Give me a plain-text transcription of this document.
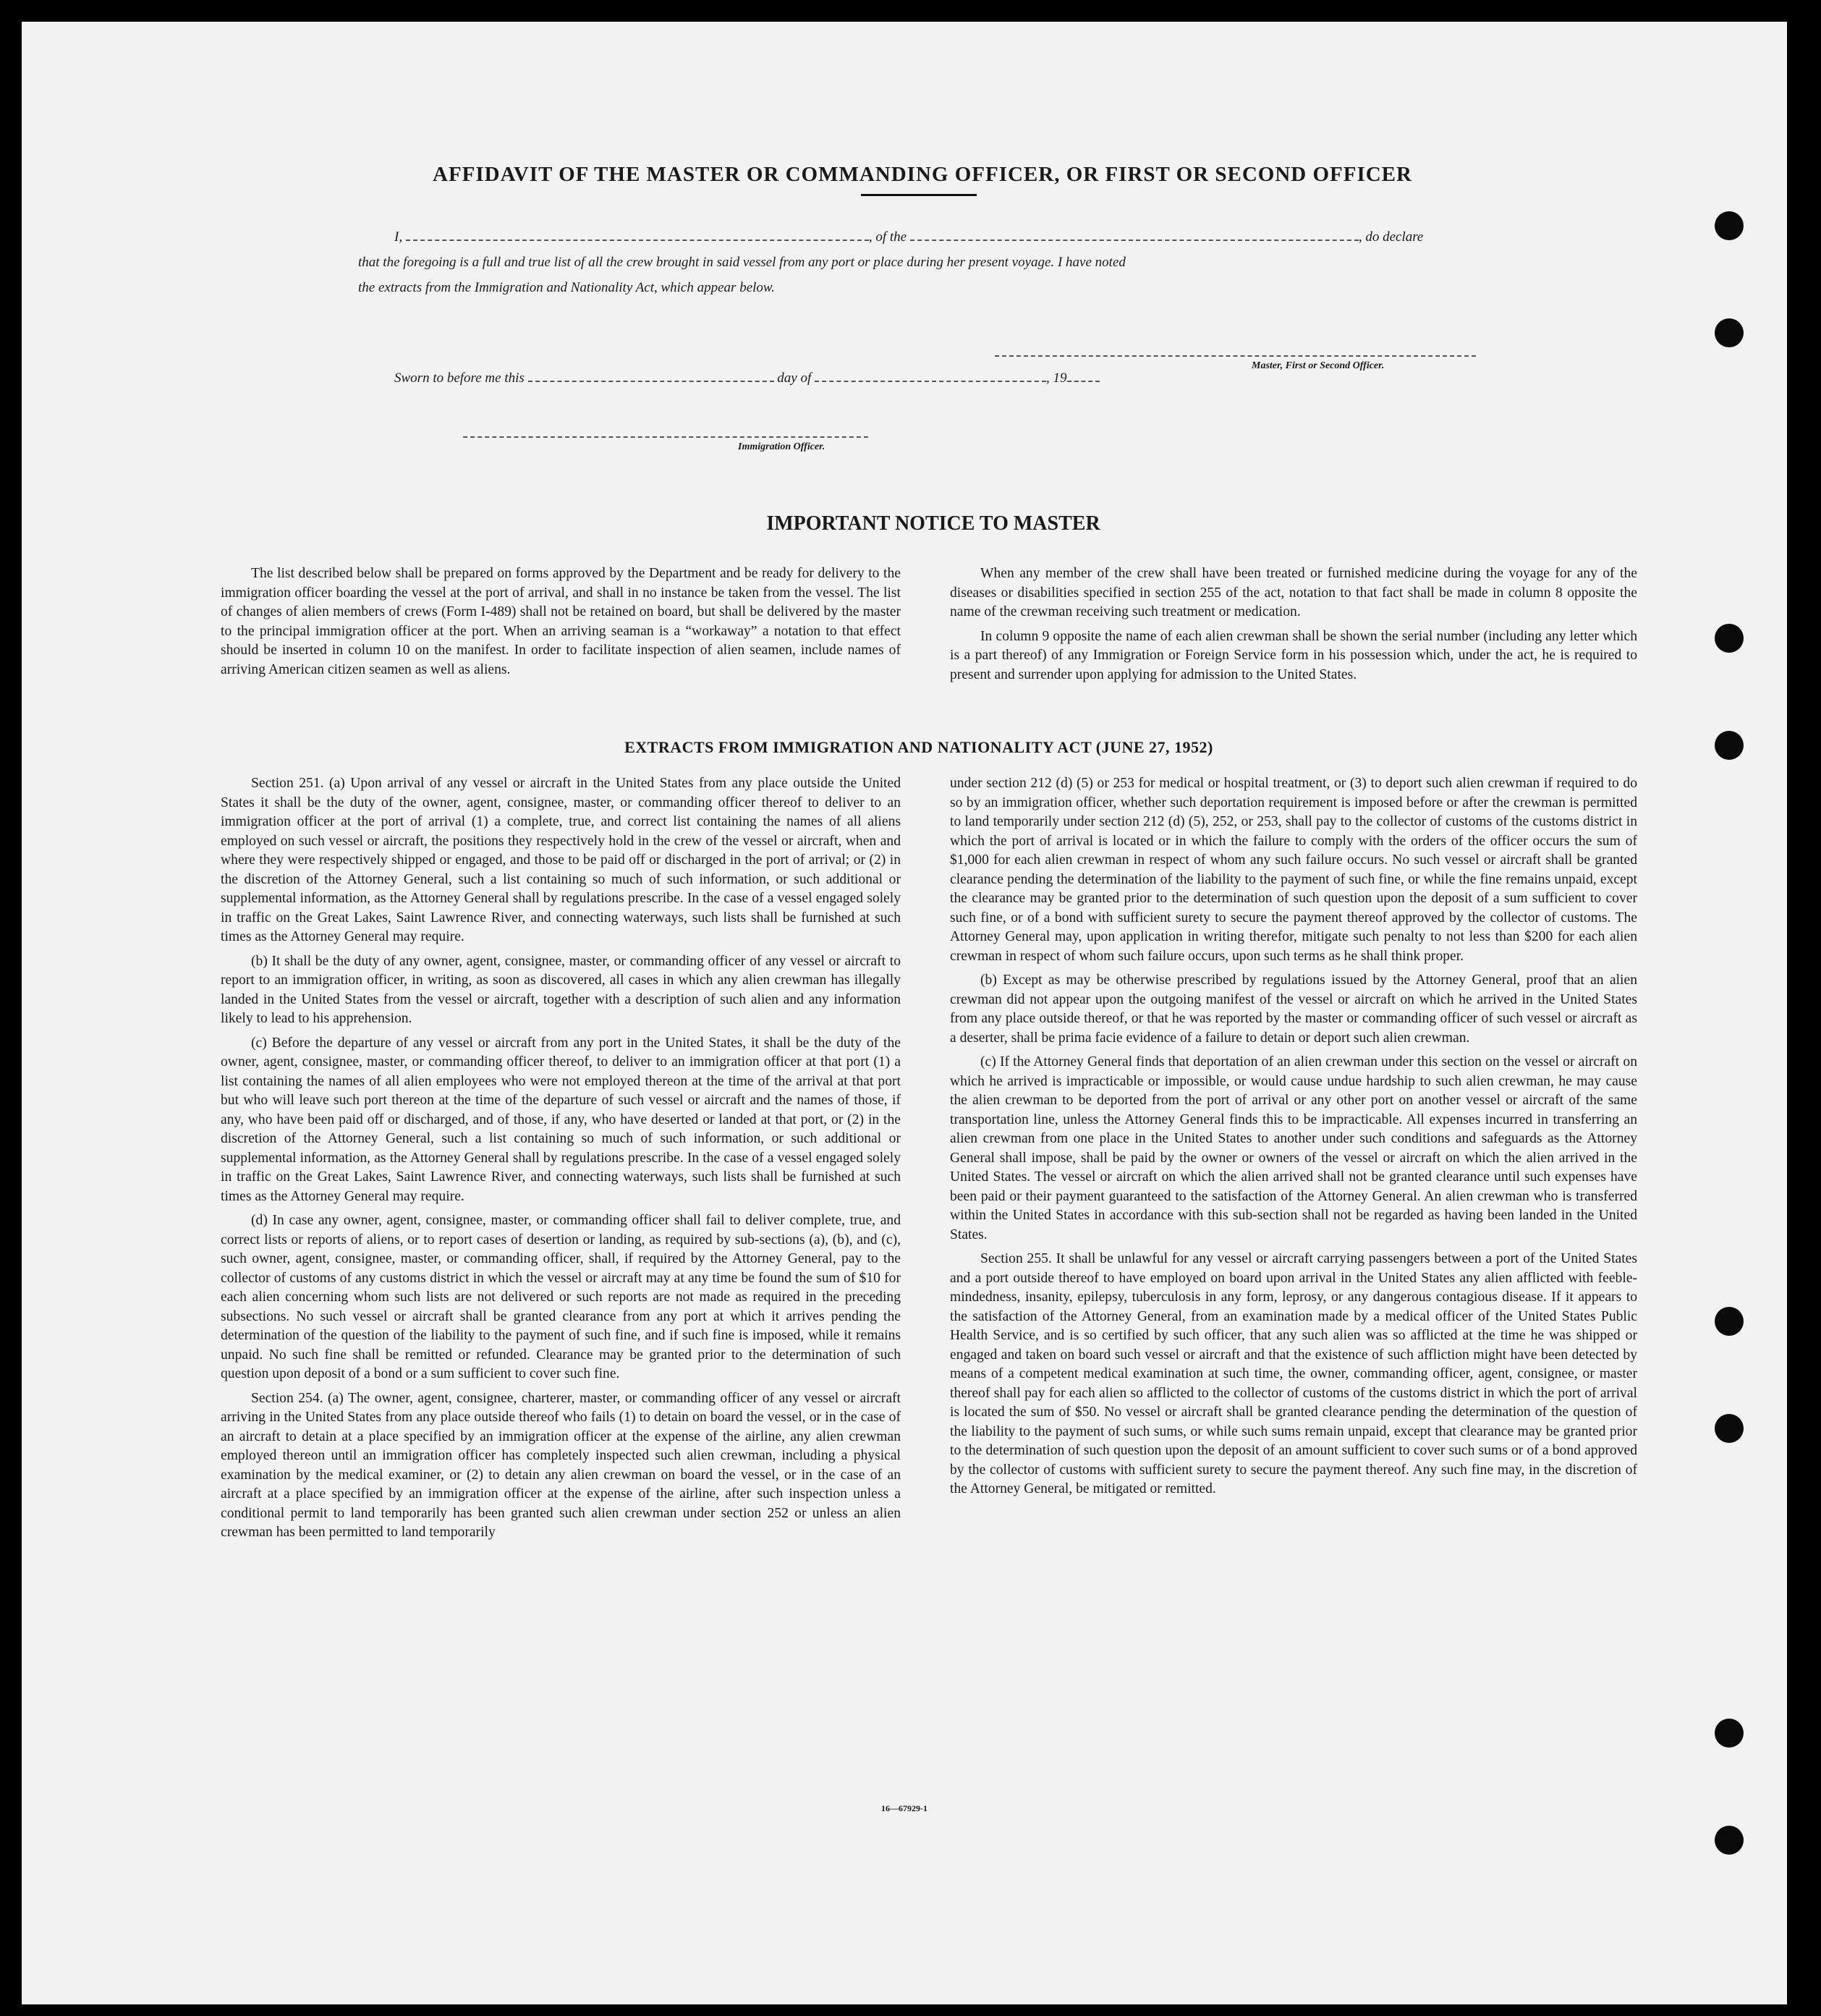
AFFIDAVIT OF THE MASTER OR COMMANDING OFFICER, OR FIRST OR SECOND OFFICER
I,	, of the	, do declare
that the foregoing is a full and true list of all the crew brought in said vessel from any port or place during her present voyage. I have noted
the extracts from the Immigration and Nationality Act, which appear below.
Master, First or Second Officer.
Sworn to before me this	day of	, 19
Immigration Officer.
IMPORTANT NOTICE TO MASTER

The list described below shall be prepared on forms approved by the Department and be ready for delivery to the immigration officer boarding the vessel at the port of arrival, and shall in no instance be taken from the vessel. The list of changes of alien members of crews (Form I-489) shall not be retained on board, but shall be delivered by the master to the principal immigration officer at the port. When an arriving seaman is a “workaway” a notation to that effect should be inserted in column 10 on the manifest. In order to facilitate inspection of alien seamen, include names of arriving American citizen seamen as well as aliens.

When any member of the crew shall have been treated or furnished medicine during the voyage for any of the diseases or disabilities specified in section 255 of the act, notation to that fact shall be made in column 8 opposite the name of the crewman receiving such treatment or medication.

In column 9 opposite the name of each alien crewman shall be shown the serial number (including any letter which is a part thereof) of any Immigration or Foreign Service form in his possession which, under the act, he is required to present and surrender upon applying for admission to the United States.

EXTRACTS FROM IMMIGRATION AND NATIONALITY ACT (JUNE 27, 1952)

Section 251. (a) Upon arrival of any vessel or aircraft in the United States from any place outside the United States it shall be the duty of the owner, agent, consignee, master, or commanding officer thereof to deliver to an immigration officer at the port of arrival (1) a complete, true, and correct list containing the names of all aliens employed on such vessel or aircraft, the positions they respectively hold in the crew of the vessel or aircraft, when and where they were respectively shipped or engaged, and those to be paid off or discharged in the port of arrival; or (2) in the discretion of the Attorney General, such a list containing so much of such information, or such additional or supplemental information, as the Attorney General shall by regulations prescribe. In the case of a vessel engaged solely in traffic on the Great Lakes, Saint Lawrence River, and connecting waterways, such lists shall be furnished at such times as the Attorney General may require.

(b) It shall be the duty of any owner, agent, consignee, master, or commanding officer of any vessel or aircraft to report to an immigration officer, in writing, as soon as discovered, all cases in which any alien crewman has illegally landed in the United States from the vessel or aircraft, together with a description of such alien and any information likely to lead to his apprehension.

(c) Before the departure of any vessel or aircraft from any port in the United States, it shall be the duty of the owner, agent, consignee, master, or commanding officer thereof, to deliver to an immigration officer at that port (1) a list containing the names of all alien employees who were not employed thereon at the time of the arrival at that port but who will leave such port thereon at the time of the departure of such vessel or aircraft and the names of those, if any, who have been paid off or discharged, and of those, if any, who have deserted or landed at that port, or (2) in the discretion of the Attorney General, such a list containing so much of such information, or such additional or supplemental information, as the Attorney General shall by regulations prescribe. In the case of a vessel engaged solely in traffic on the Great Lakes, Saint Lawrence River, and connecting waterways, such lists shall be furnished at such times as the Attorney General may require.

(d) In case any owner, agent, consignee, master, or commanding officer shall fail to deliver complete, true, and correct lists or reports of aliens, or to report cases of desertion or landing, as required by sub-sections (a), (b), and (c), such owner, agent, consignee, master, or commanding officer, shall, if required by the Attorney General, pay to the collector of customs of any customs district in which the vessel or aircraft may at any time be found the sum of $10 for each alien concerning whom such lists are not delivered or such reports are not made as required in the preceding subsections. No such vessel or aircraft shall be granted clearance from any port at which it arrives pending the determination of the question of the liability to the payment of such fine, and if such fine is imposed, while it remains unpaid. No such fine shall be remitted or refunded. Clearance may be granted prior to the determination of such question upon deposit of a bond or a sum sufficient to cover such fine.

Section 254. (a) The owner, agent, consignee, charterer, master, or commanding officer of any vessel or aircraft arriving in the United States from any place outside thereof who fails (1) to detain on board the vessel, or in the case of an aircraft to detain at a place specified by an immigration officer at the expense of the airline, any alien crewman employed thereon until an immigration officer has completely inspected such alien crewman, including a physical examination by the medical examiner, or (2) to detain any alien crewman on board the vessel, or in the case of an aircraft at a place specified by an immigration officer at the expense of the airline, after such inspection unless a conditional permit to land temporarily has been granted such alien crewman under section 252 or unless an alien crewman has been permitted to land temporarily

under section 212 (d) (5) or 253 for medical or hospital treatment, or (3) to deport such alien crewman if required to do so by an immigration officer, whether such deportation requirement is imposed before or after the crewman is permitted to land temporarily under section 212 (d) (5), 252, or 253, shall pay to the collector of customs of the customs district in which the port of arrival is located or in which the failure to comply with the orders of the officer occurs the sum of $1,000 for each alien crewman in respect of whom any such failure occurs. No such vessel or aircraft shall be granted clearance pending the determination of the liability to the payment of such fine, or while the fine remains unpaid, except the clearance may be granted prior to the determination of such question upon the deposit of a sum sufficient to cover such fine, or of a bond with sufficient surety to secure the payment thereof approved by the collector of customs. The Attorney General may, upon application in writing therefor, mitigate such penalty to not less than $200 for each alien crewman in respect of whom such failure occurs, upon such terms as he shall think proper.

(b) Except as may be otherwise prescribed by regulations issued by the Attorney General, proof that an alien crewman did not appear upon the outgoing manifest of the vessel or aircraft on which he arrived in the United States from any place outside thereof, or that he was reported by the master or commanding officer of such vessel or aircraft as a deserter, shall be prima facie evidence of a failure to detain or deport such alien crewman.

(c) If the Attorney General finds that deportation of an alien crewman under this section on the vessel or aircraft on which he arrived is impracticable or impossible, or would cause undue hardship to such alien crewman, he may cause the alien crewman to be deported from the port of arrival or any other port on another vessel or aircraft of the same transportation line, unless the Attorney General finds this to be impracticable. All expenses incurred in transferring an alien crewman from one place in the United States to another under such conditions and safeguards as the Attorney General shall impose, shall be paid by the owner or owners of the vessel or aircraft on which the alien arrived in the United States. The vessel or aircraft on which the alien arrived shall not be granted clearance until such expenses have been paid or their payment guaranteed to the satisfaction of the Attorney General. An alien crewman who is transferred within the United States in accordance with this sub-section shall not be regarded as having been landed in the United States.

Section 255. It shall be unlawful for any vessel or aircraft carrying passengers between a port of the United States and a port outside thereof to have employed on board upon arrival in the United States any alien afflicted with feeble-mindedness, insanity, epilepsy, tuberculosis in any form, leprosy, or any dangerous contagious disease. If it appears to the satisfaction of the Attorney General, from an examination made by a medical officer of the United States Public Health Service, and is so certified by such officer, that any such alien was so afflicted at the time he was shipped or engaged and taken on board such vessel or aircraft and that the existence of such affliction might have been detected by means of a competent medical examination at such time, the owner, commanding officer, agent, consignee, or master thereof shall pay for each alien so afflicted to the collector of customs of the customs district in which the port of arrival is located the sum of $50. No vessel or aircraft shall be granted clearance pending the determination of the question of the liability to the payment of such sums, or while such sums remain unpaid, except that clearance may be granted prior to the determination of such question upon the deposit of an amount sufficient to cover such sums or of a bond approved by the collector of customs with sufficient surety to secure the payment thereof. Any such fine may, in the discretion of the Attorney General, be mitigated or remitted.

16—67929-1
